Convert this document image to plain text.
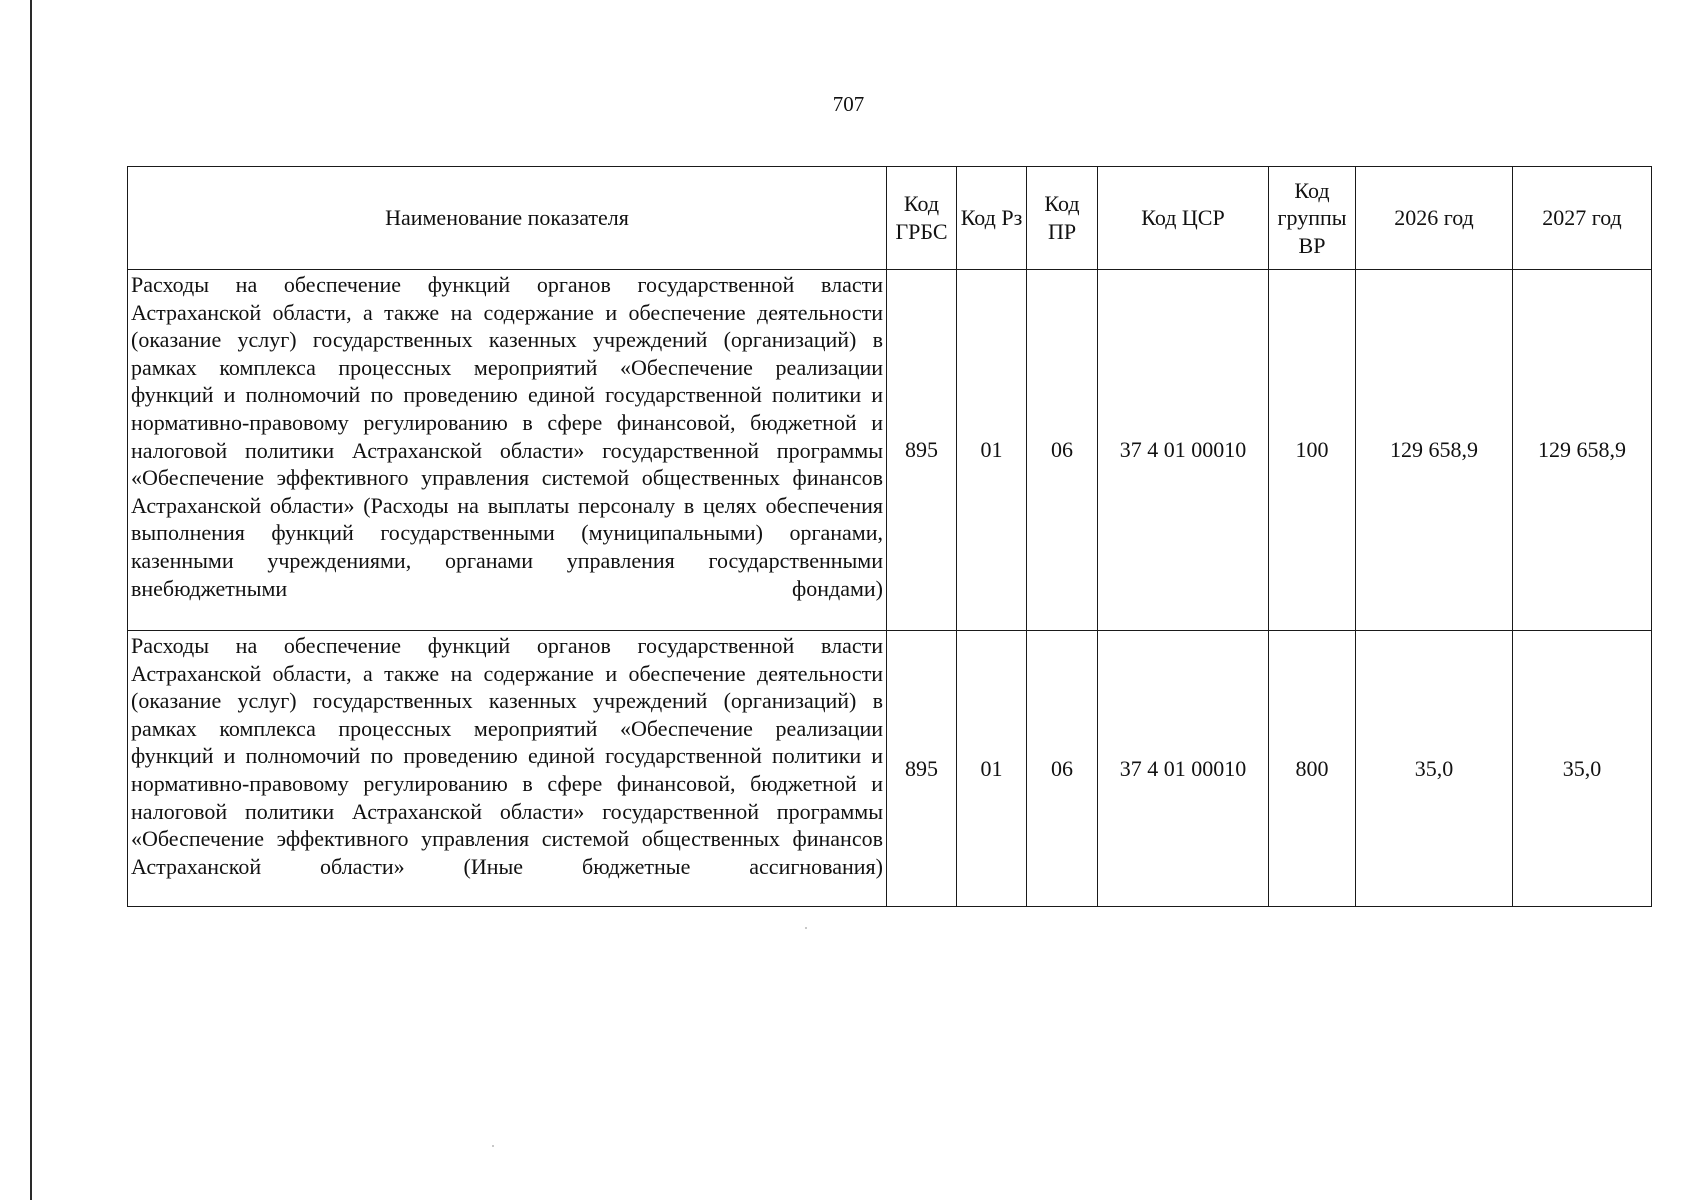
707
Наименование показателя	Код ГРБС	Код Рз	Код ПР	Код ЦСР	Код группы ВР	2026 год	2027 год
Расходы на обеспечение функций органов государственной власти Астраханской области, а также на содержание и обеспечение деятельности (оказание услуг) государственных казенных учреждений (организаций) в рамках комплекса процессных мероприятий «Обеспечение реализации функций и полномочий по проведению единой государственной политики и нормативно-правовому регулированию в сфере финансовой, бюджетной и налоговой политики Астраханской области» государственной программы «Обеспечение эффективного управления системой общественных финансов Астраханской области» (Расходы на выплаты персоналу в целях обеспечения выполнения функций государственными (муниципальными) органами, казенными учреждениями, органами управления государственными внебюджетными фондами)	895	01	06	37 4 01 00010	100	129 658,9	129 658,9
Расходы на обеспечение функций органов государственной власти Астраханской области, а также на содержание и обеспечение деятельности (оказание услуг) государственных казенных учреждений (организаций) в рамках комплекса процессных мероприятий «Обеспечение реализации функций и полномочий по проведению единой государственной политики и нормативно-правовому регулированию в сфере финансовой, бюджетной и налоговой политики Астраханской области» государственной программы «Обеспечение эффективного управления системой общественных финансов Астраханской области» (Иные бюджетные ассигнования)	895	01	06	37 4 01 00010	800	35,0	35,0
